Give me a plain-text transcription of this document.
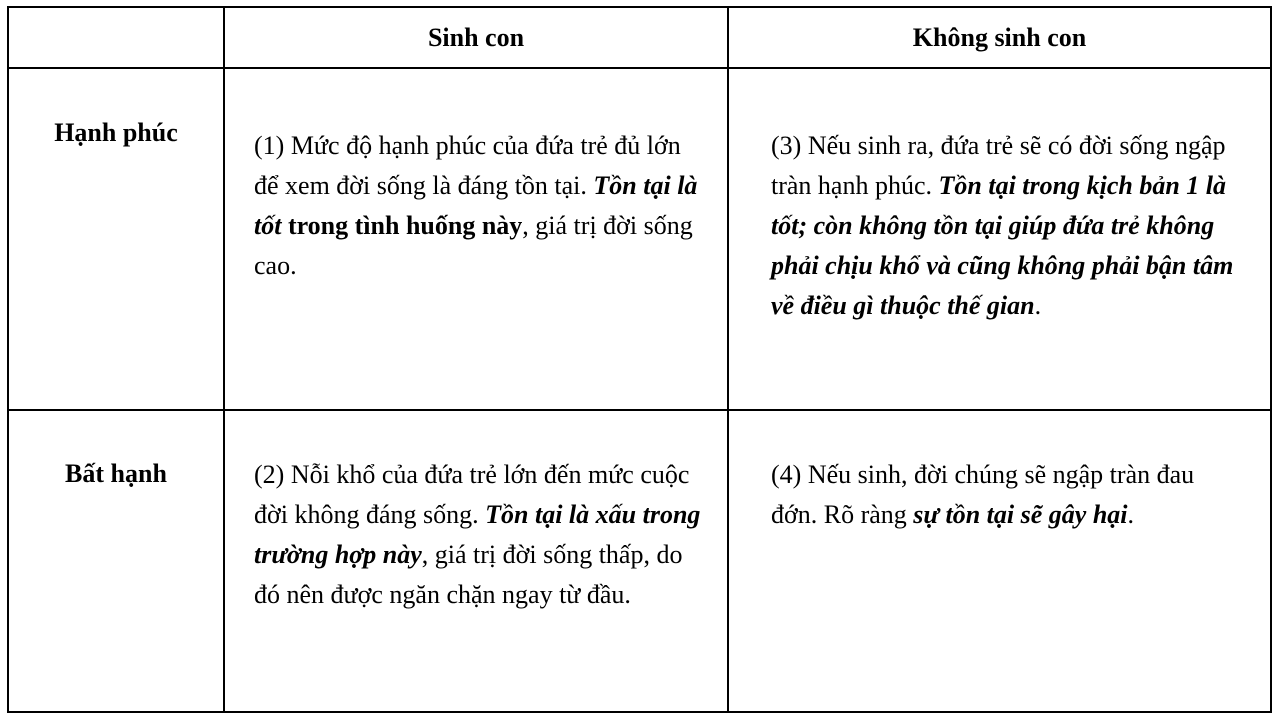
	Sinh con	Không sinh con
Hạnh phúc	(1) Mức độ hạnh phúc của đứa trẻ đủ lớn để xem đời sống là đáng tồn tại. Tồn tại là tốt trong tình huống này, giá trị đời sống cao.	(3) Nếu sinh ra, đứa trẻ sẽ có đời sống ngập tràn hạnh phúc. Tồn tại trong kịch bản 1 là tốt; còn không tồn tại giúp đứa trẻ không phải chịu khổ và cũng không phải bận tâm về điều gì thuộc thế gian.
Bất hạnh	(2) Nỗi khổ của đứa trẻ lớn đến mức cuộc đời không đáng sống. Tồn tại là xấu trong trường hợp này, giá trị đời sống thấp, do đó nên được ngăn chặn ngay từ đầu.	(4) Nếu sinh, đời chúng sẽ ngập tràn đau đớn. Rõ ràng sự tồn tại sẽ gây hại.
